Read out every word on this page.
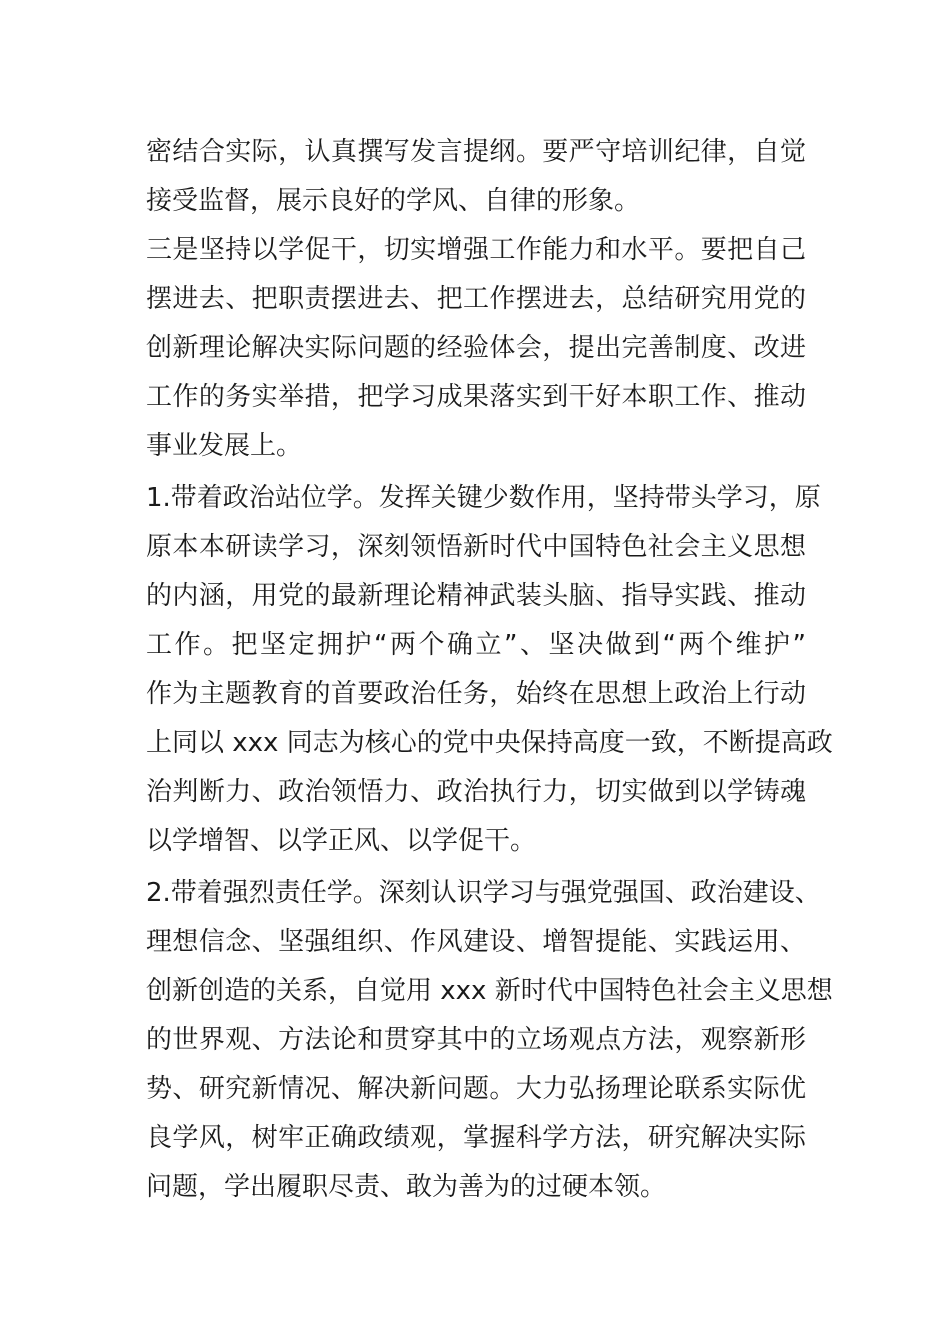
密结合实际，认真撰写发言提纲。要严守培训纪律，自觉
接受监督，展示良好的学风、自律的形象。
三是坚持以学促干，切实增强工作能力和水平。要把自己
摆进去、把职责摆进去、把工作摆进去，总结研究用党的
创新理论解决实际问题的经验体会，提出完善制度、改进
工作的务实举措，把学习成果落实到干好本职工作、推动
事业发展上。
1.带着政治站位学。发挥关键少数作用，坚持带头学习，原
原本本研读学习，深刻领悟新时代中国特色社会主义思想
的内涵，用党的最新理论精神武装头脑、指导实践、推动
工作。把坚定拥护“两个确立”、坚决做到“两个维护”
作为主题教育的首要政治任务，始终在思想上政治上行动
上同以 xxx 同志为核心的党中央保持高度一致，不断提高政
治判断力、政治领悟力、政治执行力，切实做到以学铸魂
以学增智、以学正风、以学促干。
2.带着强烈责任学。深刻认识学习与强党强国、政治建设、
理想信念、坚强组织、作风建设、增智提能、实践运用、
创新创造的关系，自觉用 xxx 新时代中国特色社会主义思想
的世界观、方法论和贯穿其中的立场观点方法，观察新形
势、研究新情况、解决新问题。大力弘扬理论联系实际优
良学风，树牢正确政绩观，掌握科学方法，研究解决实际
问题，学出履职尽责、敢为善为的过硬本领。
